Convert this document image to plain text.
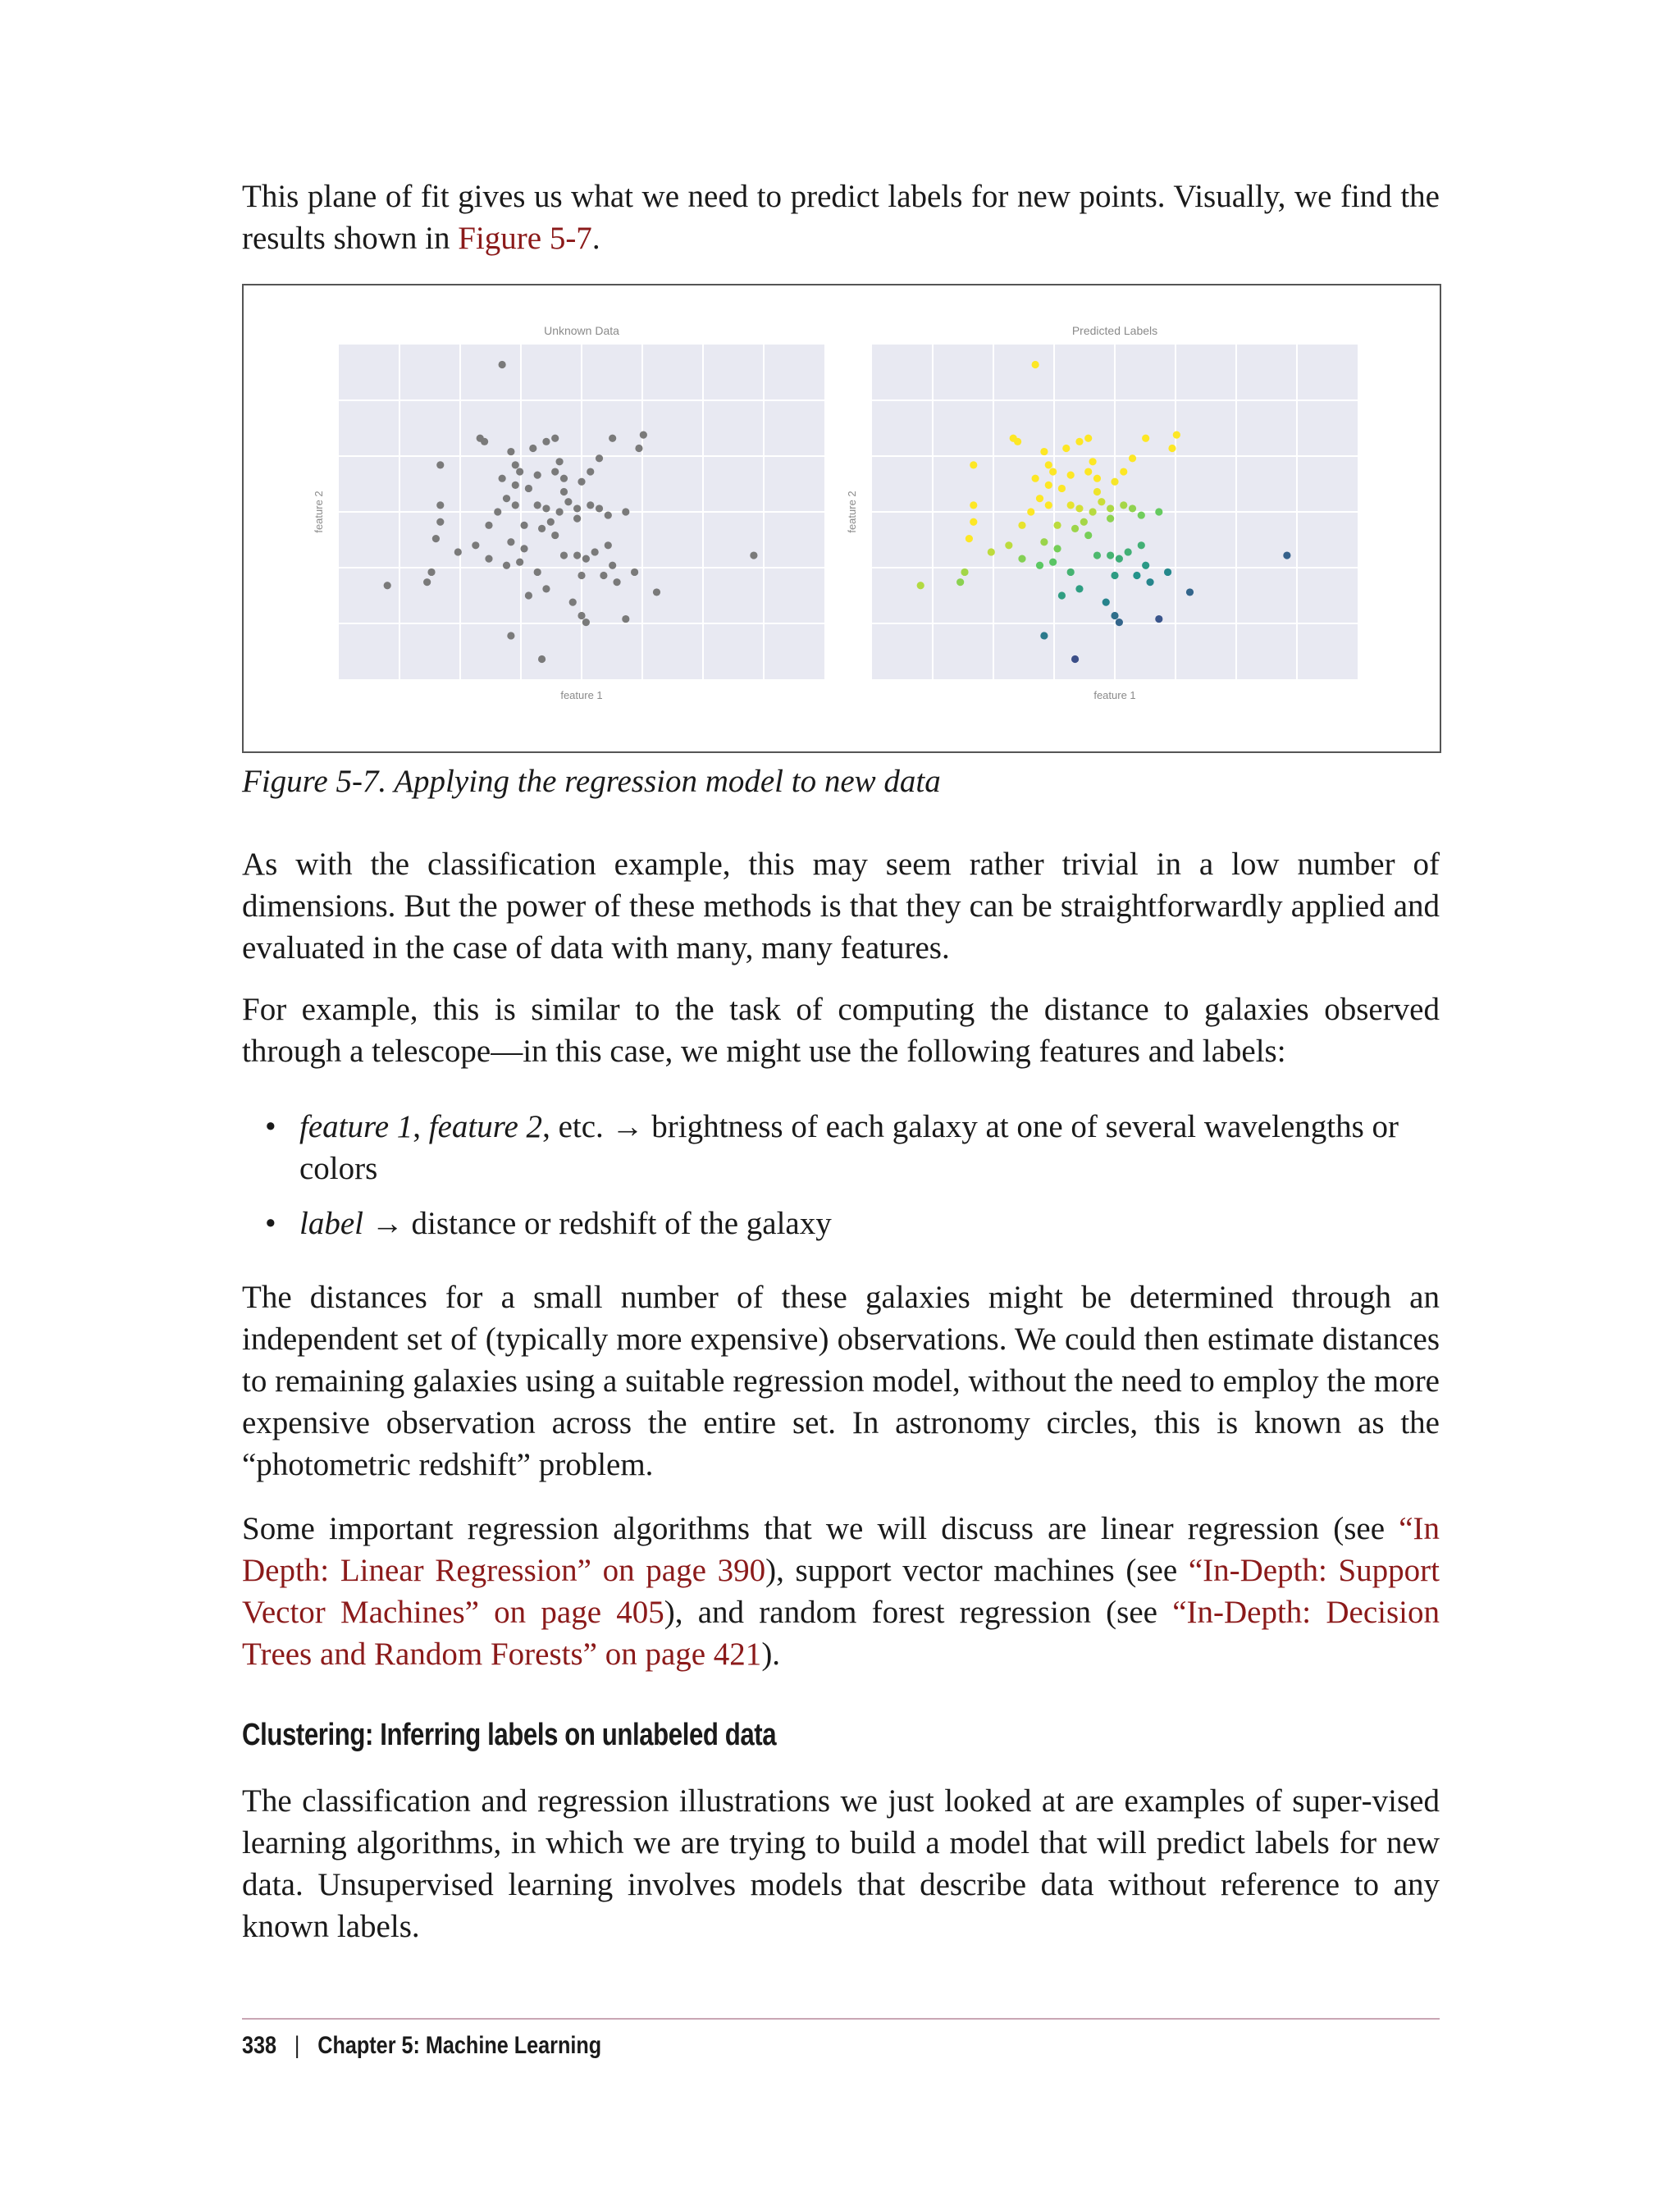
This plane of fit gives us what we need to predict labels for new points. Visually, we find the results shown in Figure 5-7.

Unknown Data
feature 1
feature 2
Predicted Labels
feature 1
feature 2
Figure 5-7. Applying the regression model to new data

As with the classification example, this may seem rather trivial in a low number of dimensions. But the power of these methods is that they can be straightforwardly applied and evaluated in the case of data with many, many features.

For example, this is similar to the task of computing the distance to galaxies observed through a telescope—in this case, we might use the following features and labels:

• feature 1, feature 2, etc. → brightness of each galaxy at one of several wavelengths or colors
• label → distance or redshift of the galaxy

The distances for a small number of these galaxies might be determined through an independent set of (typically more expensive) observations. We could then estimate distances to remaining galaxies using a suitable regression model, without the need to employ the more expensive observation across the entire set. In astronomy circles, this is known as the “photometric redshift” problem.

Some important regression algorithms that we will discuss are linear regression (see “In Depth: Linear Regression” on page 390), support vector machines (see “In-Depth: Support Vector Machines” on page 405), and random forest regression (see “In-Depth: Decision Trees and Random Forests” on page 421).

Clustering: Inferring labels on unlabeled data

The classification and regression illustrations we just looked at are examples of super‐vised learning algorithms, in which we are trying to build a model that will predict labels for new data. Unsupervised learning involves models that describe data without reference to any known labels.

338 | Chapter 5: Machine Learning
